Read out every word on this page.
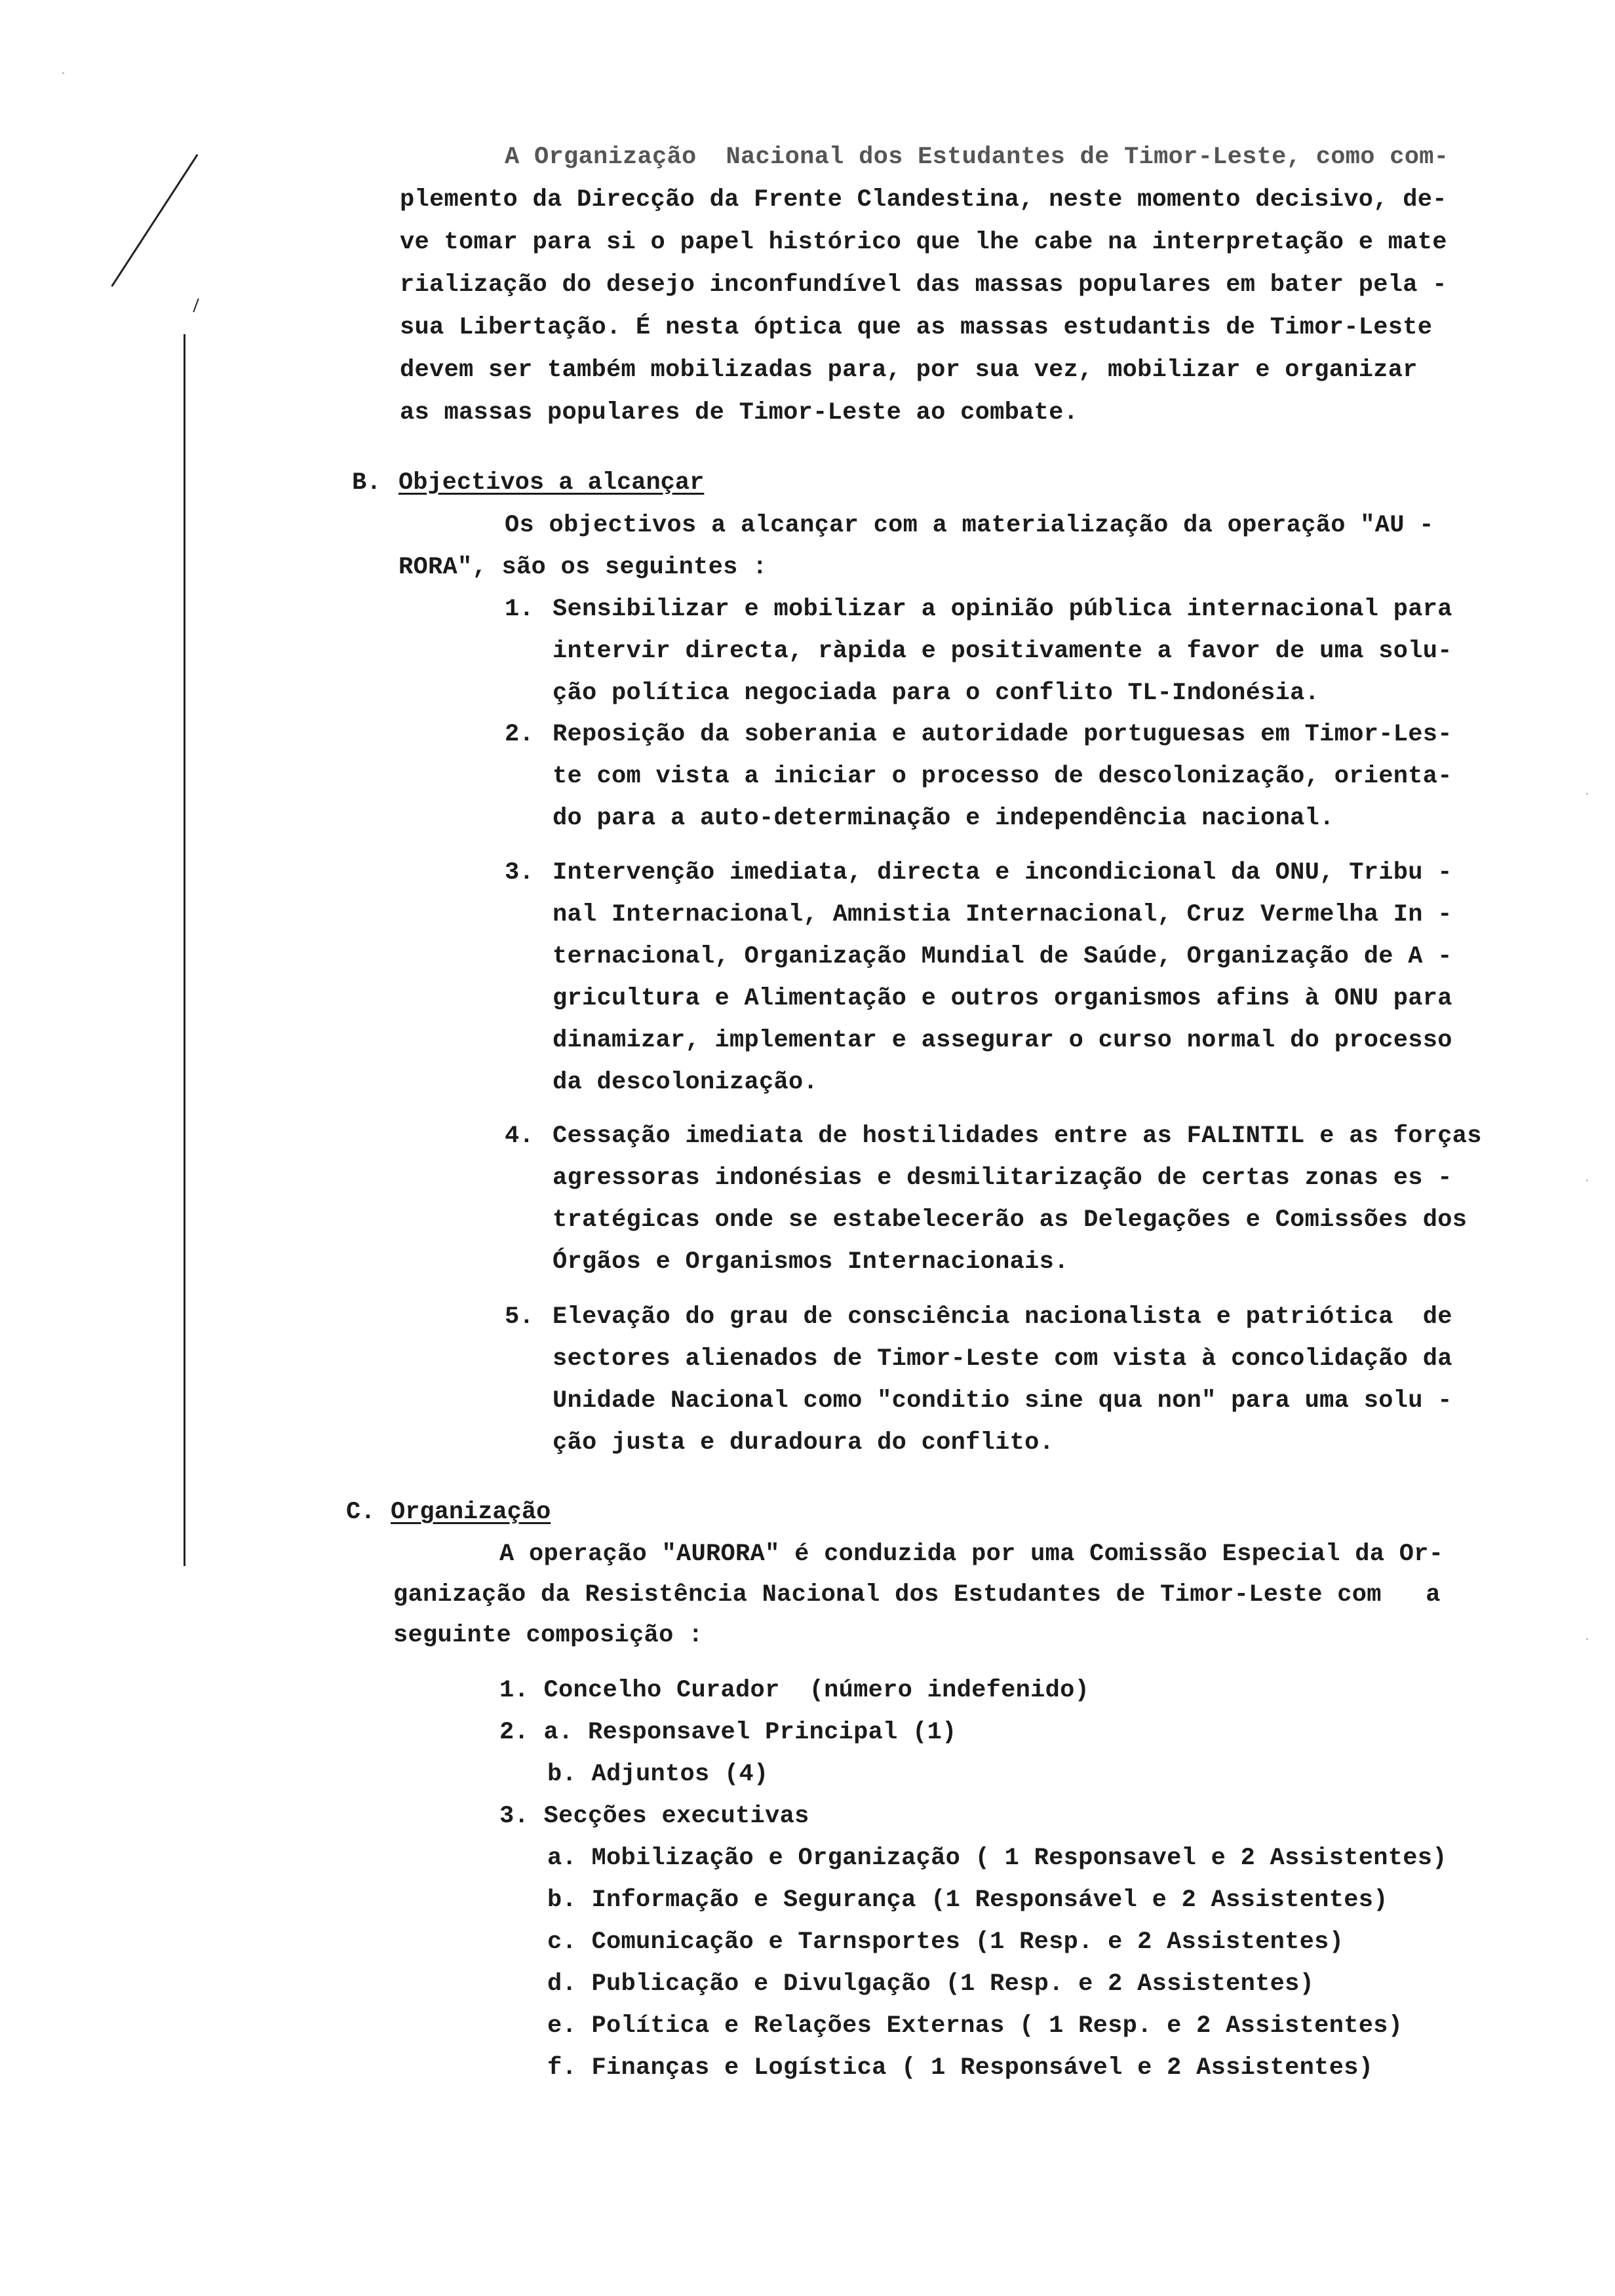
A Organização  Nacional dos Estudantes de Timor-Leste, como com-
plemento da Direcção da Frente Clandestina, neste momento decisivo, de-
ve tomar para si o papel histórico que lhe cabe na interpretação e mate
rialização do desejo inconfundível das massas populares em bater pela -
sua Libertação. É nesta óptica que as massas estudantis de Timor-Leste
devem ser também mobilizadas para, por sua vez, mobilizar e organizar
as massas populares de Timor-Leste ao combate.
B. Objectivos a alcançar
Os objectivos a alcançar com a materialização da operação "AU -
RORA", são os seguintes :
1. Sensibilizar e mobilizar a opinião pública internacional para
intervir directa, ràpida e positivamente a favor de uma solu-
ção política negociada para o conflito TL-Indonésia.
2. Reposição da soberania e autoridade portuguesas em Timor-Les-
te com vista a iniciar o processo de descolonização, orienta-
do para a auto-determinação e independência nacional.
3. Intervenção imediata, directa e incondicional da ONU, Tribu -
nal Internacional, Amnistia Internacional, Cruz Vermelha In -
ternacional, Organização Mundial de Saúde, Organização de A -
gricultura e Alimentação e outros organismos afins à ONU para
dinamizar, implementar e assegurar o curso normal do processo
da descolonização.
4. Cessação imediata de hostilidades entre as FALINTIL e as forças
agressoras indonésias e desmilitarização de certas zonas es -
tratégicas onde se estabelecerão as Delegações e Comissões dos
Órgãos e Organismos Internacionais.
5. Elevação do grau de consciência nacionalista e patriótica  de
sectores alienados de Timor-Leste com vista à concolidação da
Unidade Nacional como "conditio sine qua non" para uma solu -
ção justa e duradoura do conflito.
C. Organização
A operação "AURORA" é conduzida por uma Comissão Especial da Or-
ganização da Resistência Nacional dos Estudantes de Timor-Leste com   a
seguinte composição :
1. Concelho Curador  (número indefenido)
2. a. Responsavel Principal (1)
b. Adjuntos (4)
3. Secções executivas
a. Mobilização e Organização ( 1 Responsavel e 2 Assistentes)
b. Informação e Segurança (1 Responsável e 2 Assistentes)
c. Comunicação e Tarnsportes (1 Resp. e 2 Assistentes)
d. Publicação e Divulgação (1 Resp. e 2 Assistentes)
e. Política e Relações Externas ( 1 Resp. e 2 Assistentes)
f. Finanças e Logística ( 1 Responsável e 2 Assistentes)
